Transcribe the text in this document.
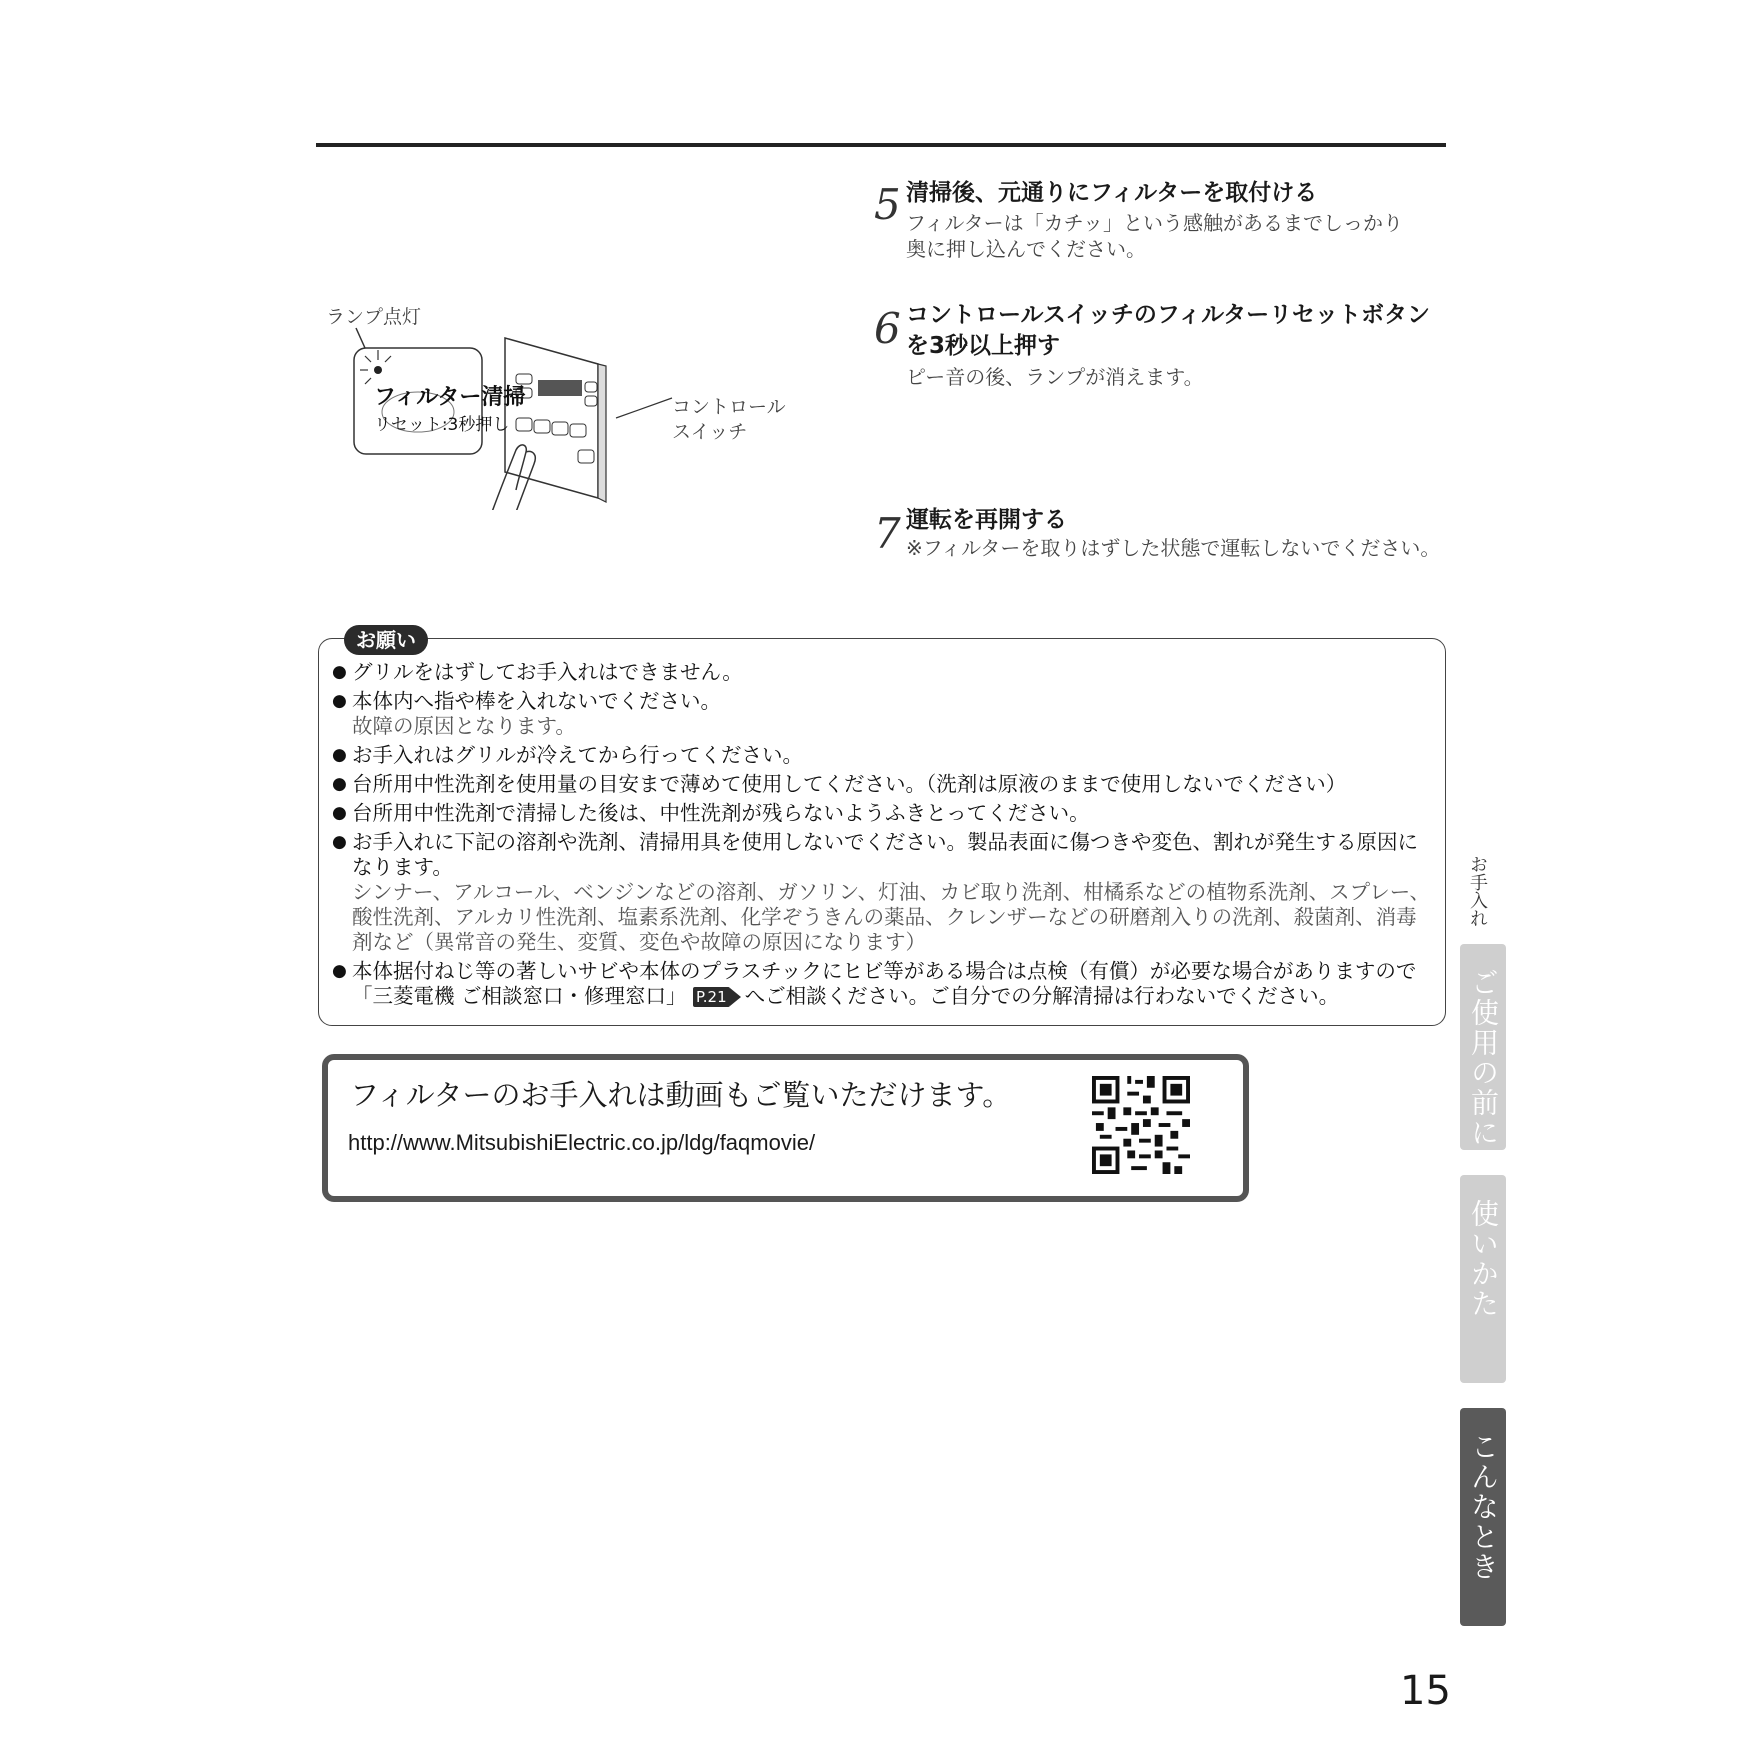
5 清掃後、元通りにフィルターを取付ける
フィルターは「カチッ」という感触があるまでしっかり
奥に押し込んでください。
6 コントロールスイッチのフィルターリセットボタン
を3秒以上押す
ピー音の後、ランプが消えます。
7 運転を再開する
※フィルターを取りはずした状態で運転しないでください。
ランプ点灯
フィルター清掃
リセット:3秒押し
コントロール
スイッチ
お願い
● グリルをはずしてお手入れはできません。
● 本体内へ指や棒を入れないでください。
故障の原因となります。
● お手入れはグリルが冷えてから行ってください。
● 台所用中性洗剤を使用量の目安まで薄めて使用してください。（洗剤は原液のままで使用しないでください）
● 台所用中性洗剤で清掃した後は、中性洗剤が残らないようふきとってください。
● お手入れに下記の溶剤や洗剤、清掃用具を使用しないでください。製品表面に傷つきや変色、割れが発生する原因になります。
シンナー、アルコール、ベンジンなどの溶剤、ガソリン、灯油、カビ取り洗剤、柑橘系などの植物系洗剤、スプレー、酸性洗剤、アルカリ性洗剤、塩素系洗剤、化学ぞうきんの薬品、クレンザーなどの研磨剤入りの洗剤、殺菌剤、消毒剤など（異常音の発生、変質、変色や故障の原因になります）
● 本体据付ねじ等の著しいサビや本体のプラスチックにヒビ等がある場合は点検（有償）が必要な場合がありますので「三菱電機 ご相談窓口・修理窓口」 P.21 へご相談ください。ご自分での分解清掃は行わないでください。
フィルターのお手入れは動画もご覧いただけます。
http://www.MitsubishiElectric.co.jp/ldg/faqmovie/
お手入れ
ご使用の前に
使いかた
こんなとき
15
